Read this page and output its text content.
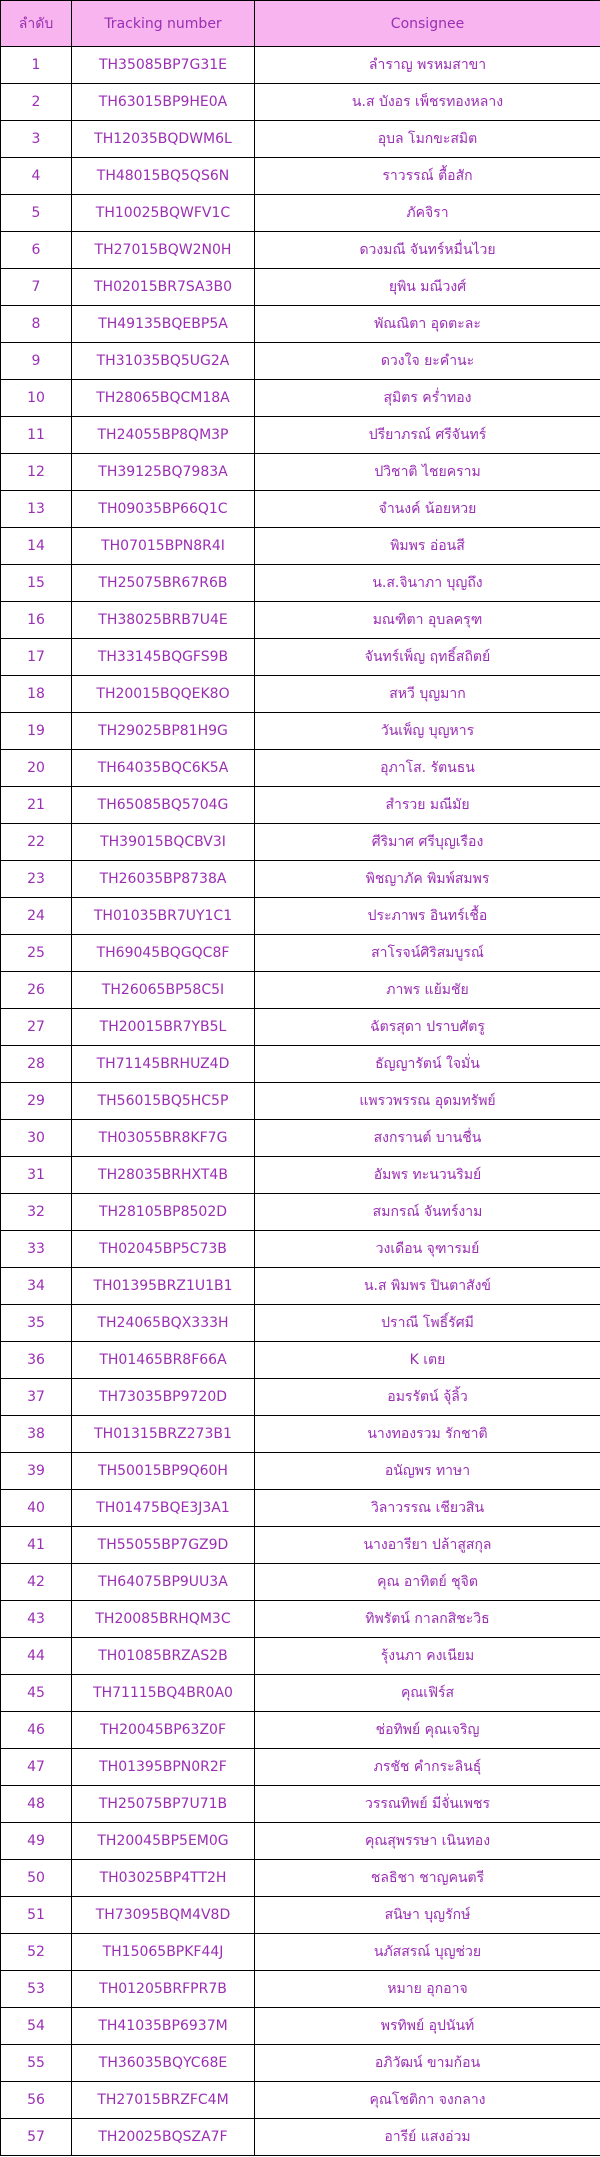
ลำดับ	Tracking number	Consignee
1	TH35085BP7G31E	ลำราญ พรหมสาขา
2	TH63015BP9HE0A	น.ส บังอร เพ็ชรทองหลาง
3	TH12035BQDWM6L	อุบล โมกขะสมิต
4	TH48015BQ5QS6N	ราวรรณ์ ตื้อสัก
5	TH10025BQWFV1C	ภัคจิรา
6	TH27015BQW2N0H	ดวงมณี จันทร์หมื่นไวย
7	TH02015BR7SA3B0	ยุพิน มณีวงศ์
8	TH49135BQEBP5A	พัณณิตา อุดตะละ
9	TH31035BQ5UG2A	ดวงใจ ยะคำนะ
10	TH28065BQCM18A	สุมิตร คร่ำทอง
11	TH24055BP8QM3P	ปรียาภรณ์ ศรีจันทร์
12	TH39125BQ7983A	ปวิชาติ ไชยคราม
13	TH09035BP66Q1C	จำนงค์ น้อยหวย
14	TH07015BPN8R4I	พิมพร อ่อนสี
15	TH25075BR67R6B	น.ส.จินาภา บุญถึง
16	TH38025BRB7U4E	มณฑิตา อุบลครุฑ
17	TH33145BQGFS9B	จันทร์เพ็ญ ฤทธิ์สถิตย์
18	TH20015BQQEK8O	สหวี บุญมาก
19	TH29025BP81H9G	วันเพ็ญ บุญหาร
20	TH64035BQC6K5A	อุภาโส. รัตนธน
21	TH65085BQ5704G	สำรวย มณีมัย
22	TH39015BQCBV3I	ศีริมาศ ศรีบุญเรือง
23	TH26035BP8738A	พิชญาภัค พิมพ์สมพร
24	TH01035BR7UY1C1	ประภาพร อินทร์เชื้อ
25	TH69045BQGQC8F	สาโรจน์ศิริสมบูรณ์
26	TH26065BP58C5I	ภาพร แย้มชัย
27	TH20015BR7YB5L	ฉัตรสุดา ปราบศัตรู
28	TH71145BRHUZ4D	ธัญญารัตน์ ใจมั่น
29	TH56015BQ5HC5P	แพรวพรรณ อุดมทรัพย์
30	TH03055BR8KF7G	สงกรานต์ บานชื่น
31	TH28035BRHXT4B	อัมพร ทะนวนริมย์
32	TH28105BP8502D	สมกรณ์ จันทร์งาม
33	TH02045BP5C73B	วงเดือน จุฑารมย์
34	TH01395BRZ1U1B1	น.ส พิมพร ปินตาสังข์
35	TH24065BQX333H	ปราณี โพธิ์รัศมี
36	TH01465BR8F66A	K เตย
37	TH73035BP9720D	อมรรัตน์ จุ้ลิ้ว
38	TH01315BRZ273B1	นางทองรวม รักชาติ
39	TH50015BP9Q60H	อนัญพร ทาษา
40	TH01475BQE3J3A1	วิลาวรรณ เชียวสิน
41	TH55055BP7GZ9D	นางอารียา ปล้าสูสกุล
42	TH64075BP9UU3A	คุณ อาทิตย์ ชุจิต
43	TH20085BRHQM3C	ทิพรัตน์ กาลกสิชะวิธ
44	TH01085BRZAS2B	รุ้งนภา คงเนียม
45	TH71115BQ4BR0A0	คุณเฟิร์ส
46	TH20045BP63Z0F	ช่อทิพย์ คุณเจริญ
47	TH01395BPN0R2F	ภรชัช คำกระลินธุ์
48	TH25075BP7U71B	วรรณทิพย์ มีจั่นเพชร
49	TH20045BP5EM0G	คุณสุพรรษา เนินทอง
50	TH03025BP4TT2H	ชลธิชา ชาญคนตรี
51	TH73095BQM4V8D	สนิษา บุญรักษ์
52	TH15065BPKF44J	นภัสสรณ์ บุญช่วย
53	TH01205BRFPR7B	หมาย อุกอาจ
54	TH41035BP6937M	พรทิพย์ อุปนันท์
55	TH36035BQYC68E	อภิวัฒน์ ขามก้อน
56	TH27015BRZFC4M	คุณโชติกา จงกลาง
57	TH20025BQSZA7F	อารีย์ แสงอ่วม
